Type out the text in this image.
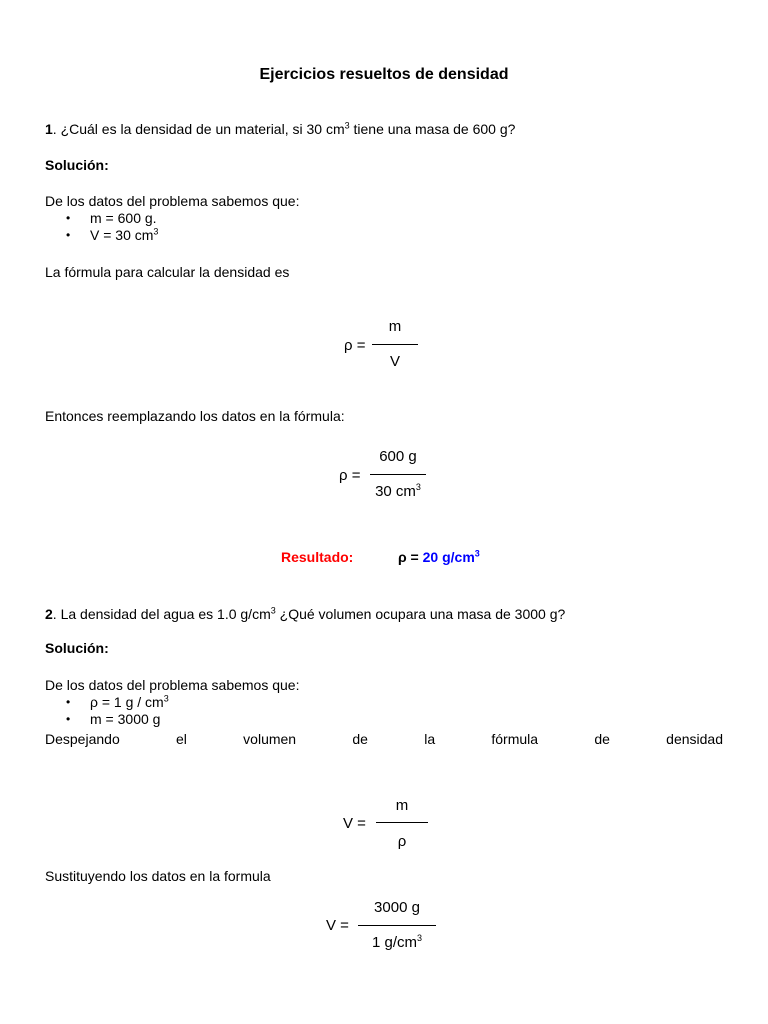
Ejercicios resueltos de densidad
1. ¿Cuál es la densidad de un material, si 30 $cm^3$ tiene una masa de 600 g?
Solución:
De los datos del problema sabemos que:
• m = 600 g.
• V = 30 $cm^3$
La fórmula para calcular la densidad es
ρ =
m
V
Entonces reemplazando los datos en la fórmula:
ρ =
600 g
30 $cm^3$
Resultado:	ρ = 20 $g/cm^3$
2. La densidad del agua es 1.0 $g/cm^3$ ¿Qué volumen ocupara una masa de 3000 g?
Solución:
De los datos del problema sabemos que:
• ρ = 1 g / $cm^3$
• m = 3000 g
Despejando	el	volumen	de	la	fórmula	de	densidad
V =
m
ρ
Sustituyendo los datos en la formula
V =
3000 g
1 $g/cm^3$
